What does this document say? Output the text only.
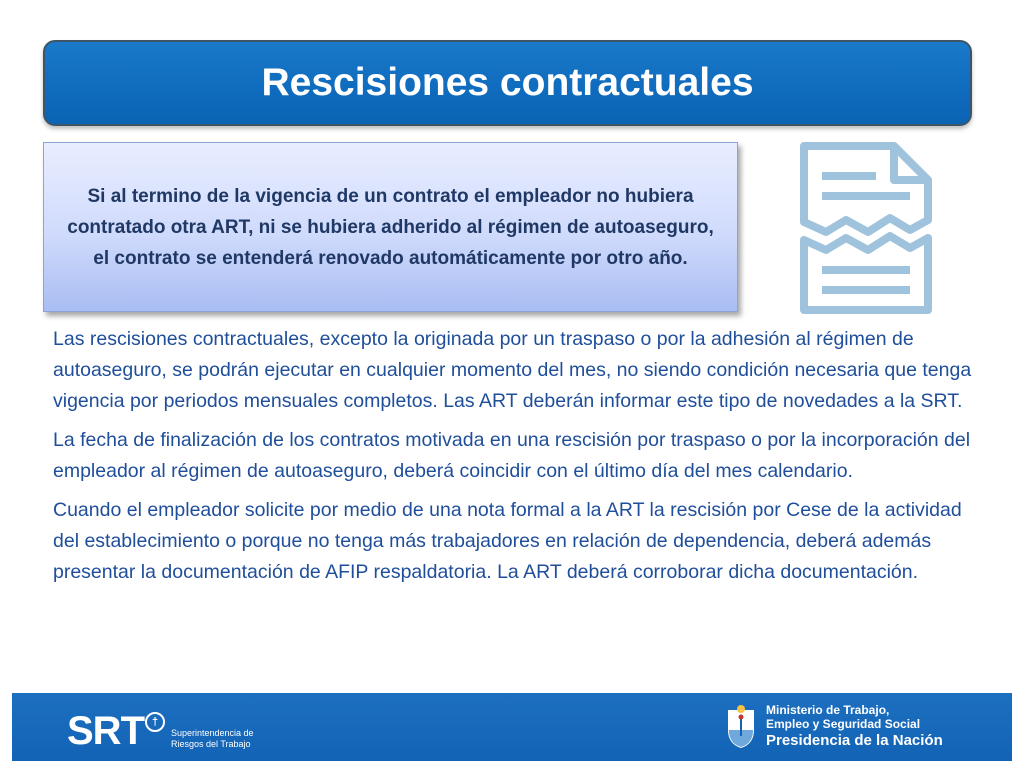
Rescisiones contractuales

Si al termino de la vigencia de un contrato el empleador no hubiera contratado otra ART, ni se hubiera adherido al régimen de autoaseguro, el contrato se entenderá renovado automáticamente por otro año.

Las rescisiones contractuales, excepto la originada por un traspaso o por la adhesión al régimen de autoaseguro, se podrán ejecutar en cualquier momento del mes, no siendo condición necesaria que tenga vigencia por periodos mensuales completos. Las ART deberán informar este tipo de novedades a la SRT.

La fecha de finalización de los contratos motivada en una rescisión por traspaso o por la incorporación del empleador al régimen de autoaseguro, deberá coincidir con el último día del mes calendario.

Cuando el empleador solicite por medio de una nota formal a la ART la rescisión por Cese de la actividad del establecimiento o porque no tenga más trabajadores en relación de dependencia, deberá además presentar la documentación de AFIP respaldatoria. La ART deberá corroborar dicha documentación.

SRT †
Superintendencia de
Riesgos del Trabajo
Ministerio de Trabajo,
Empleo y Seguridad Social
Presidencia de la Nación
